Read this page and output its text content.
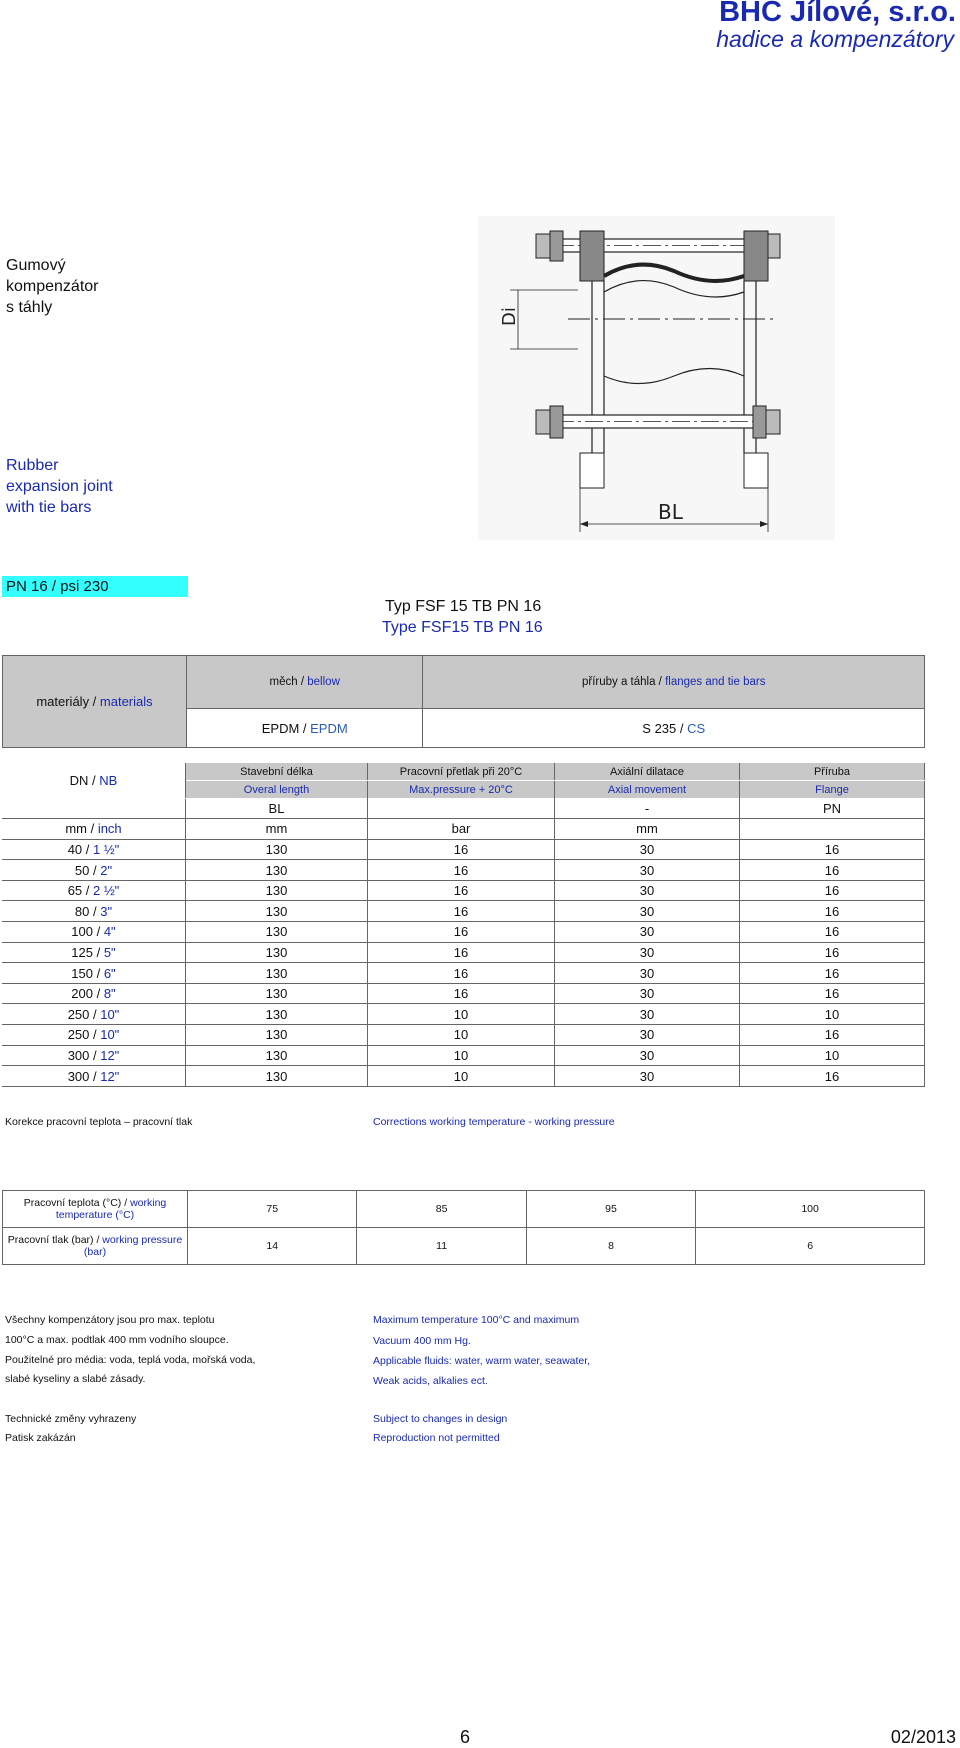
BHC Jílové, s.r.o.
hadice a kompenzátory
Gumový
kompenzátor
s táhly
Rubber
expansion joint
with tie bars
Di
BL
PN 16 / psi 230
Typ FSF 15 TB PN 16
Type FSF15 TB PN 16
materiály / materials	měch / bellow	příruby a táhla / flanges and tie bars
	EPDM / EPDM	S 235 / CS
DN / NB	Stavební délka	Pracovní přetlak při 20°C	Axiální dilatace	Příruba
	Overal length	Max.pressure + 20°C	Axial movement	Flange
	BL		-	PN
mm / inch	mm	bar	mm	
40 / 1 ½"	130	16	30	16
50 / 2"	130	16	30	16
65 / 2 ½"	130	16	30	16
80 / 3"	130	16	30	16
100 / 4"	130	16	30	16
125 / 5"	130	16	30	16
150 / 6"	130	16	30	16
200 / 8"	130	16	30	16
250 / 10"	130	10	30	10
250 / 10"	130	10	30	16
300 / 12"	130	10	30	10
300 / 12"	130	10	30	16
Korekce pracovní teplota – pracovní tlak	Corrections working temperature - working pressure
Pracovní teplota (°C) / working temperature (°C)	75	85	95	100
Pracovní tlak (bar) / working pressure (bar)	14	11	8	6
Všechny kompenzátory jsou pro max. teplotu
100°C a max. podtlak 400 mm vodního sloupce.
Použitelné pro média: voda, teplá voda, mořská voda,
slabé kyseliny a slabé zásady.
Maximum temperature 100°C and maximum
Vacuum 400 mm Hg.
Applicable fluids: water, warm water, seawater,
Weak acids, alkalies ect.
Technické změny vyhrazeny
Patisk zakázán
Subject to changes in design
Reproduction not permitted
6	02/2013
